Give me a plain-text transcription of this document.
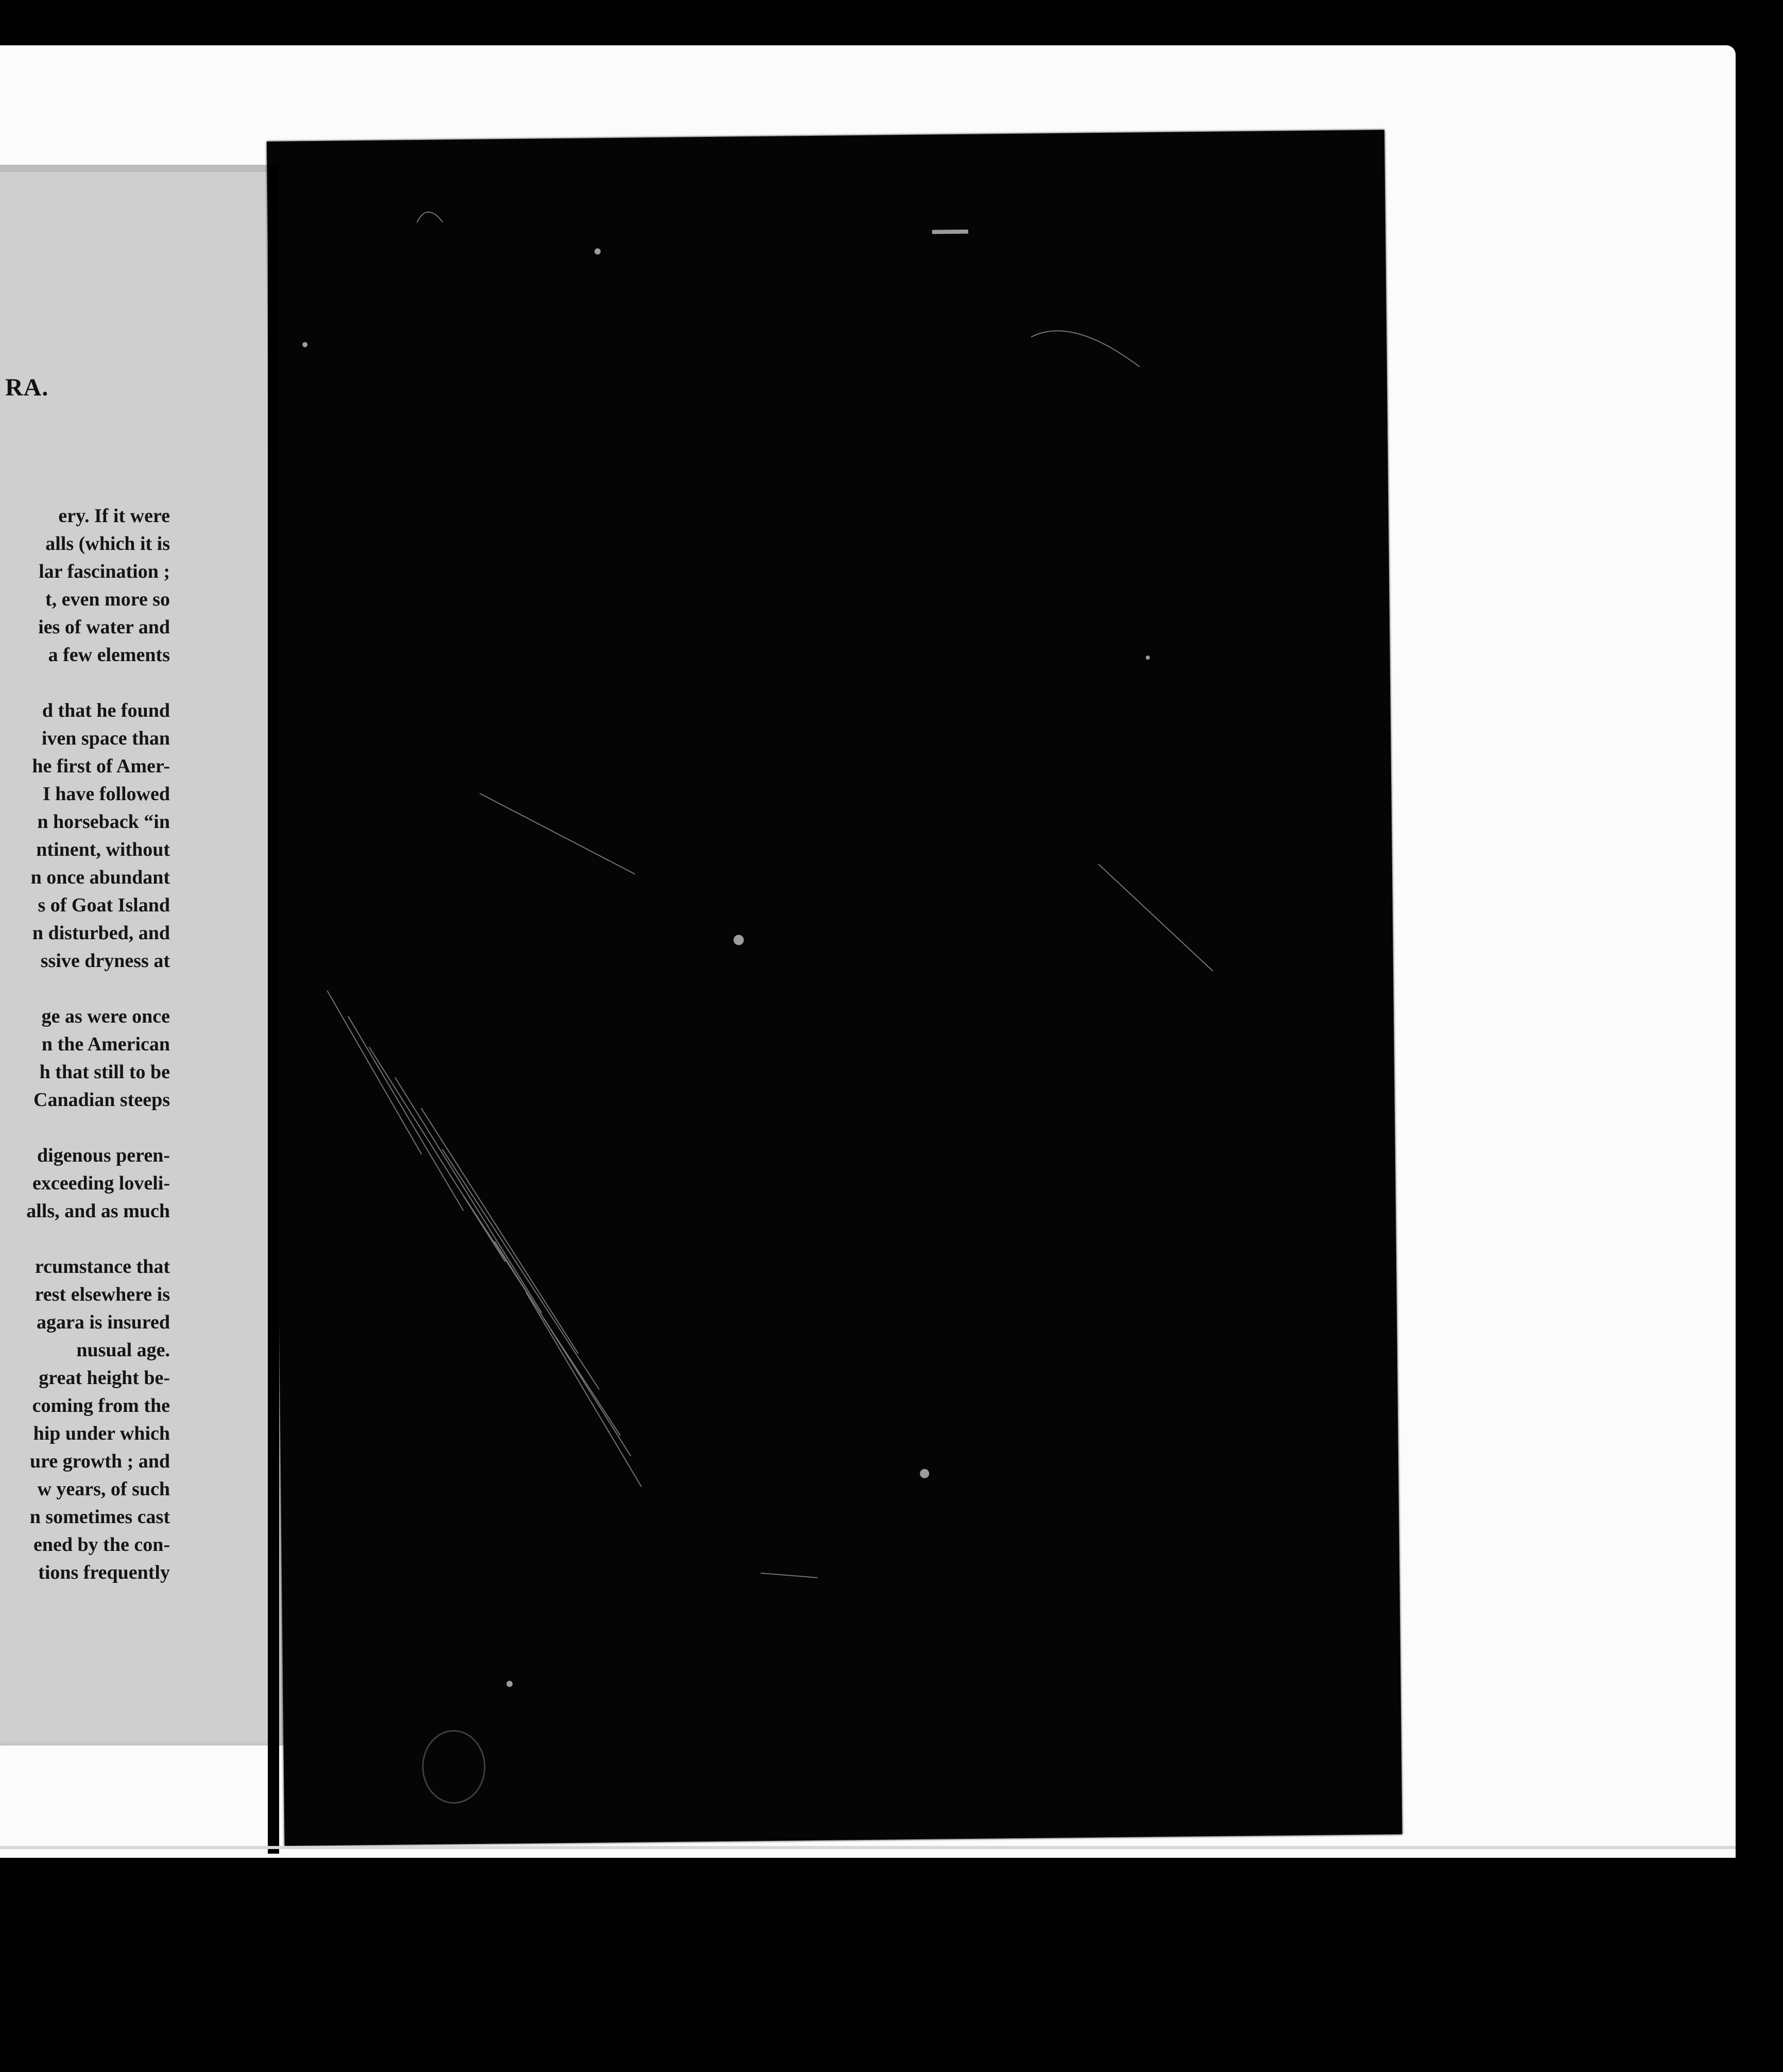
RA.
ery. If it were
alls (which it is
lar fascination ;
t, even more so
ies of water and
a few elements
d that he found
iven space than
he first of Amer-
I have followed
n horseback “in
ntinent, without
n once abundant
s of Goat Island
n disturbed, and
ssive dryness at
ge as were once
n the American
h that still to be
Canadian steeps
digenous peren-
exceeding loveli-
alls, and as much
rcumstance that
rest elsewhere is
agara is insured
nusual age.
great height be-
coming from the
hip under which
ure growth ; and
w years, of such
n sometimes cast
ened by the con-
tions frequently
